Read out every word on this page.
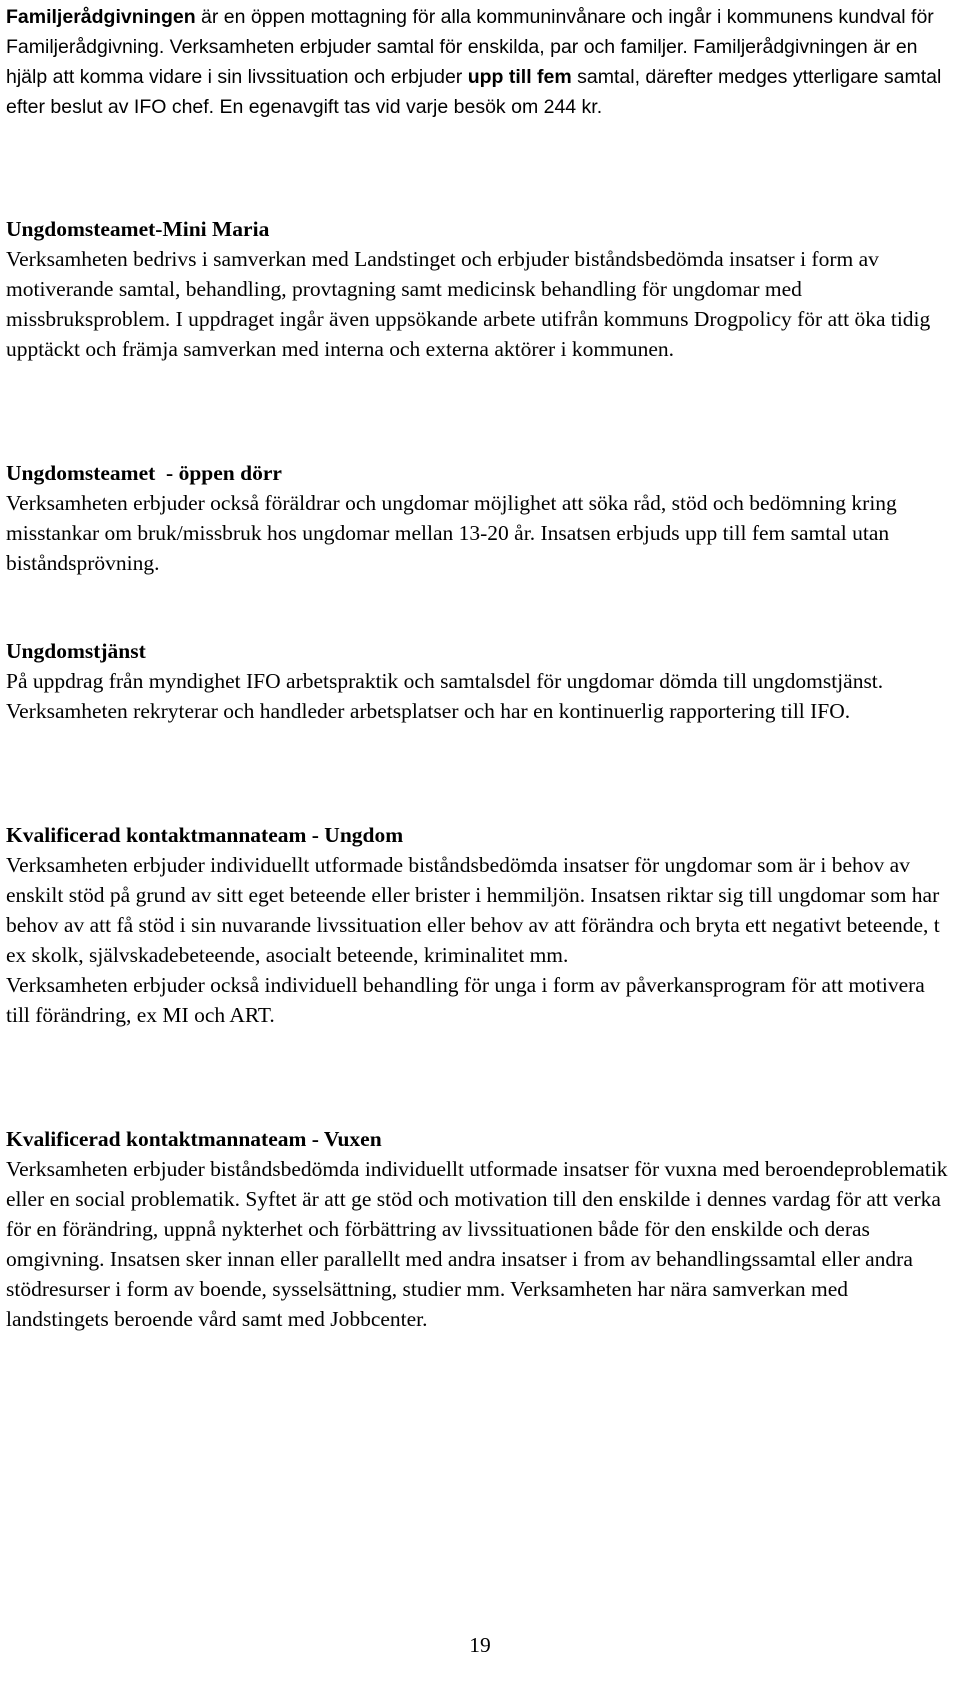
Familjerådgivningen är en öppen mottagning för alla kommuninvånare och ingår i kommunens kundval för Familjerådgivning. Verksamheten erbjuder samtal för enskilda, par och familjer. Familjerådgivningen är en hjälp att komma vidare i sin livssituation och erbjuder upp till fem samtal, därefter medges ytterligare samtal efter beslut av IFO chef. En egenavgift tas vid varje besök om 244 kr.

Ungdomsteamet-Mini Maria
Verksamheten bedrivs i samverkan med Landstinget och erbjuder biståndsbedömda insatser i form av motiverande samtal, behandling, provtagning samt medicinsk behandling för ungdomar med missbruksproblem. I uppdraget ingår även uppsökande arbete utifrån kommuns Drogpolicy för att öka tidig upptäckt och främja samverkan med interna och externa aktörer i kommunen.

Ungdomsteamet  - öppen dörr
Verksamheten erbjuder också föräldrar och ungdomar möjlighet att söka råd, stöd och bedömning kring misstankar om bruk/missbruk hos ungdomar mellan 13-20 år. Insatsen erbjuds upp till fem samtal utan biståndsprövning.

Ungdomstjänst
På uppdrag från myndighet IFO arbetspraktik och samtalsdel för ungdomar dömda till ungdomstjänst. Verksamheten rekryterar och handleder arbetsplatser och har en kontinuerlig rapportering till IFO.

Kvalificerad kontaktmannateam - Ungdom
Verksamheten erbjuder individuellt utformade biståndsbedömda insatser för ungdomar som är i behov av enskilt stöd på grund av sitt eget beteende eller brister i hemmiljön. Insatsen riktar sig till ungdomar som har behov av att få stöd i sin nuvarande livssituation eller behov av att förändra och bryta ett negativt beteende, t ex skolk, självskadebeteende, asocialt beteende, kriminalitet mm.
Verksamheten erbjuder också individuell behandling för unga i form av påverkansprogram för att motivera till förändring, ex MI och ART.

Kvalificerad kontaktmannateam - Vuxen
Verksamheten erbjuder biståndsbedömda individuellt utformade insatser för vuxna med beroendeproblematik eller en social problematik. Syftet är att ge stöd och motivation till den enskilde i dennes vardag för att verka för en förändring, uppnå nykterhet och förbättring av livssituationen både för den enskilde och deras omgivning. Insatsen sker innan eller parallellt med andra insatser i from av behandlingssamtal eller andra stödresurser i form av boende, sysselsättning, studier mm. Verksamheten har nära samverkan med landstingets beroende vård samt med Jobbcenter.

19
